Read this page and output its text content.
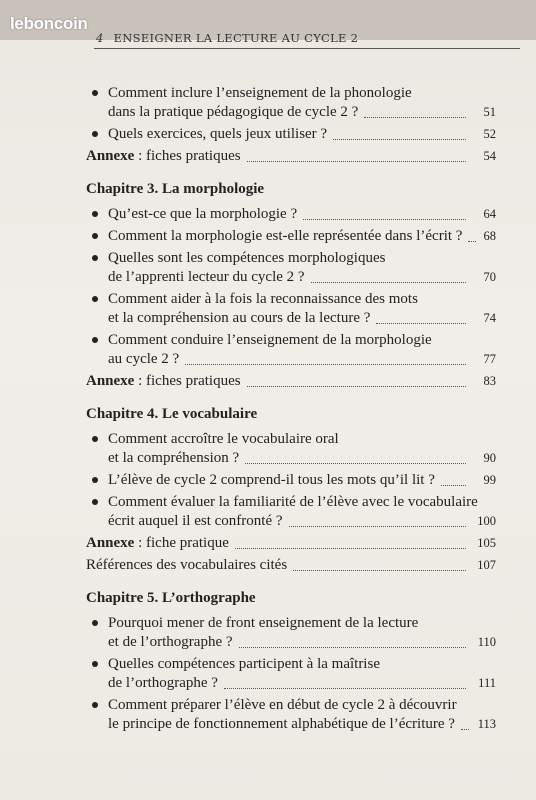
leboncoin
4 ENSEIGNER LA LECTURE AU CYCLE 2
Comment inclure l’enseignement de la phonologie
dans la pratique pédagogique de cycle 2 ?	51
Quels exercices, quels jeux utiliser ?	52
Annexe : fiches pratiques	54
Chapitre 3. La morphologie
Qu’est-ce que la morphologie ?	64
Comment la morphologie est-elle représentée dans l’écrit ? 68
Quelles sont les compétences morphologiques
de l’apprenti lecteur du cycle 2 ?	70
Comment aider à la fois la reconnaissance des mots
et la compréhension au cours de la lecture ?	74
Comment conduire l’enseignement de la morphologie
au cycle 2 ?	77
Annexe : fiches pratiques	83
Chapitre 4. Le vocabulaire
Comment accroître le vocabulaire oral
et la compréhension ?	90
L’élève de cycle 2 comprend-il tous les mots qu’il lit ?	99
Comment évaluer la familiarité de l’élève avec le vocabulaire
écrit auquel il est confronté ?	100
Annexe : fiche pratique	105
Références des vocabulaires cités	107
Chapitre 5. L’orthographe
Pourquoi mener de front enseignement de la lecture
et de l’orthographe ?	110
Quelles compétences participent à la maîtrise
de l’orthographe ?	111
Comment préparer l’élève en début de cycle 2 à découvrir
le principe de fonctionnement alphabétique de l’écriture ?	113
